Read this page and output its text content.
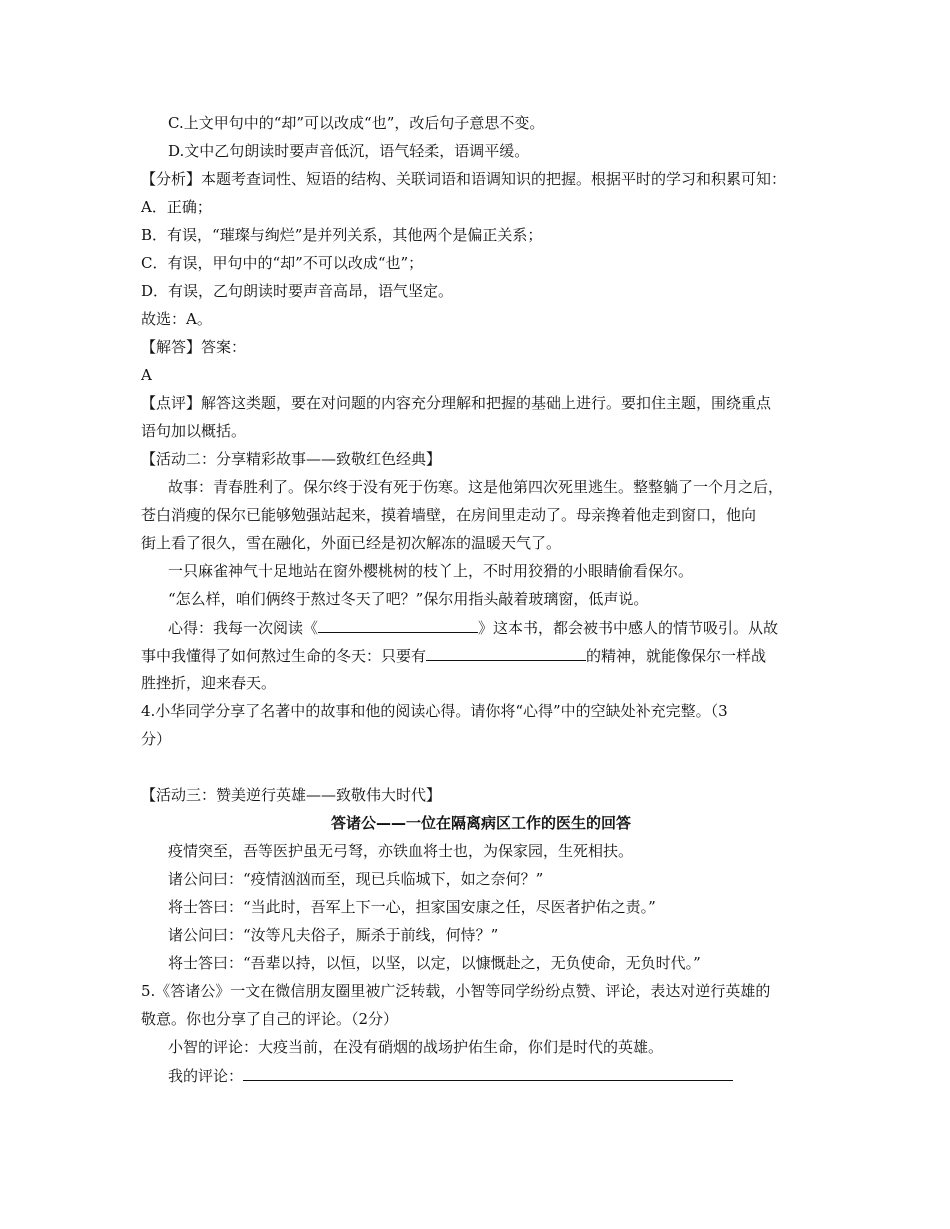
C.上文甲句中的“却”可以改成“也”，改后句子意思不变。
D.文中乙句朗读时要声音低沉，语气轻柔，语调平缓。
【分析】本题考查词性、短语的结构、关联词语和语调知识的把握。根据平时的学习和积累可知：
A．正确；
B．有误，“璀璨与绚烂”是并列关系，其他两个是偏正关系；
C．有误，甲句中的“却”不可以改成“也”；
D．有误，乙句朗读时要声音高昂，语气坚定。
故选：A。
【解答】答案：
A
【点评】解答这类题，要在对问题的内容充分理解和把握的基础上进行。要扣住主题，围绕重点
语句加以概括。
【活动二：分享精彩故事——致敬红色经典】
故事：青春胜利了。保尔终于没有死于伤寒。这是他第四次死里逃生。整整躺了一个月之后，
苍白消瘦的保尔已能够勉强站起来，摸着墙壁，在房间里走动了。母亲搀着他走到窗口，他向
街上看了很久，雪在融化，外面已经是初次解冻的温暖天气了。
一只麻雀神气十足地站在窗外樱桃树的枝丫上，不时用狡猾的小眼睛偷看保尔。
“怎么样，咱们俩终于熬过冬天了吧？”保尔用指头敲着玻璃窗，低声说。
心得：我每一次阅读《	》这本书，都会被书中感人的情节吸引。从故
事中我懂得了如何熬过生命的冬天：只要有	的精神，就能像保尔一样战
胜挫折，迎来春天。
4.小华同学分享了名著中的故事和他的阅读心得。请你将“心得”中的空缺处补充完整。（3
分）
【活动三：赞美逆行英雄——致敬伟大时代】
答诸公——一位在隔离病区工作的医生的回答
疫情突至，吾等医护虽无弓弩，亦铁血将士也，为保家园，生死相扶。
诸公问曰：“疫情汹汹而至，现已兵临城下，如之奈何？”
将士答曰：“当此时，吾军上下一心，担家国安康之任，尽医者护佑之责。”
诸公问曰：“汝等凡夫俗子，厮杀于前线，何恃？”
将士答曰：“吾辈以持，以恒，以坚，以定，以慷慨赴之，无负使命，无负时代。”
5.《答诸公》一文在微信朋友圈里被广泛转载，小智等同学纷纷点赞、评论，表达对逆行英雄的
敬意。你也分享了自己的评论。（2分）
小智的评论：大疫当前，在没有硝烟的战场护佑生命，你们是时代的英雄。
我的评论：
